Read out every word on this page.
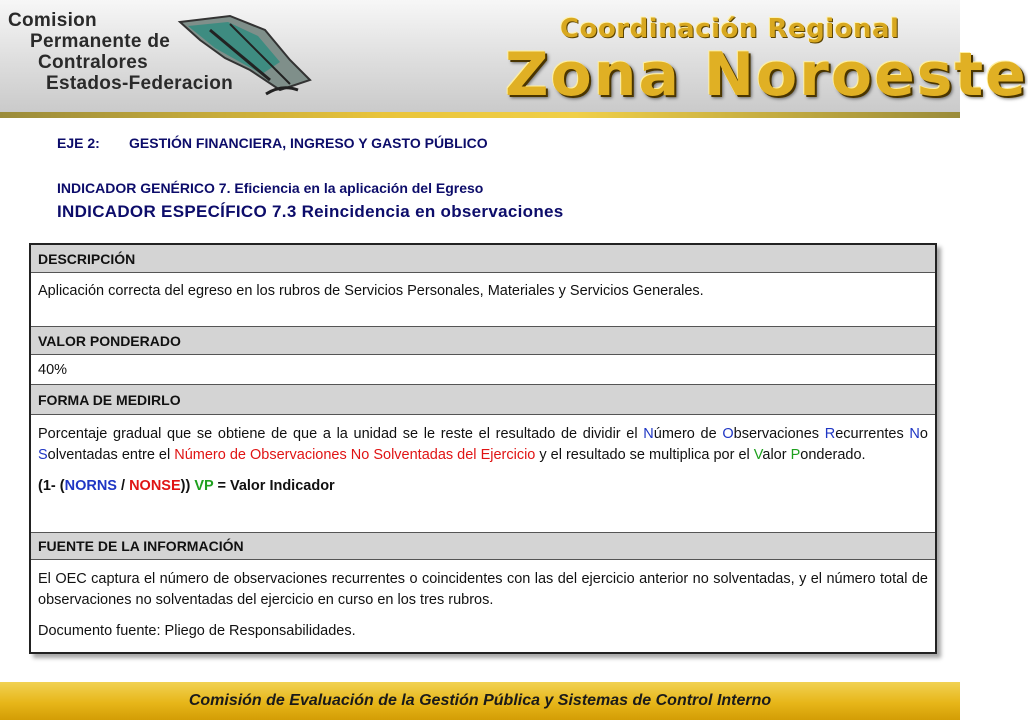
Comision
Permanente de
Contralores
Estados-Federacion
Coordinación Regional
Zona Noroeste
EJE 2: GESTIÓN FINANCIERA, INGRESO Y GASTO PÚBLICO
INDICADOR GENÉRICO 7. Eficiencia en la aplicación del Egreso
INDICADOR ESPECÍFICO 7.3 Reincidencia en observaciones
DESCRIPCIÓN
Aplicación correcta del egreso en los rubros de Servicios Personales, Materiales y Servicios Generales.
VALOR PONDERADO
40%
FORMA DE MEDIRLO
Porcentaje gradual que se obtiene de que a la unidad se le reste el resultado de dividir el Número de Observaciones Recurrentes No Solventadas entre el Número de Observaciones No Solventadas del Ejercicio y el resultado se multiplica por el Valor Ponderado.
(1- (NORNS / NONSE)) VP = Valor Indicador
FUENTE DE LA INFORMACIÓN
El OEC captura el número de observaciones recurrentes o coincidentes con las del ejercicio anterior no solventadas, y el número total de observaciones no solventadas del ejercicio en curso en los tres rubros.
Documento fuente: Pliego de Responsabilidades.
Comisión de Evaluación de la Gestión Pública y Sistemas de Control Interno
